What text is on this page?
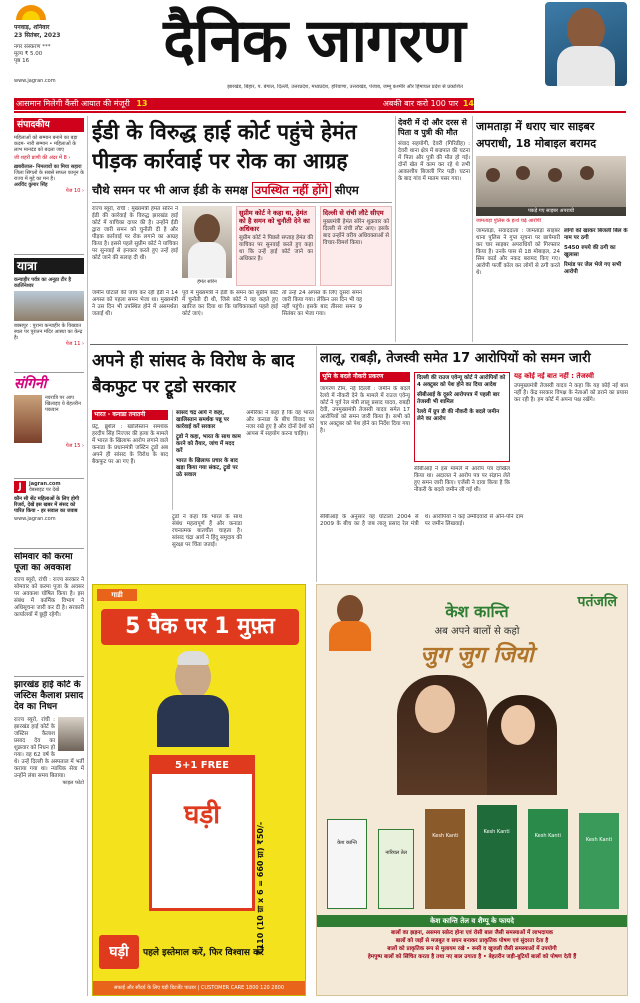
पनवाड़, शनिवार
23 सितंबर, 2023
नगर संस्करण ***
मूल्य ₹ 5.00
पृष्ठ 16
www.jagran.com
दैनिक जागरण
झारखंड, बिहार, प. बंगाल, दिल्ली, उत्तरप्रदेश, मध्यप्रदेश, हरियाणा, उत्तराखंड, पंजाब, जम्मू कश्मीर और हिमाचल प्रदेश से प्रकाशित
आसमान मिलेगी कैंसी आयात की मंजूरी 13	अबकी बार करो 100 पार 14
संपादकीय
महिलाओं को सम्मान बनाने का बड़ा कदम- नारी सम्मान • महिलाओं के लाभ मानदंड को बदला जाए
जी शहरी प्राणी की अंदर में 8 ›
ख़बरीलाल- निमलावों का मिया सहारा
जिला सिंगलो के सबसे सफल कानून के राज्य में मुद्दे का मन है।
अरविंद कुमार सिंह
पेज 10 ›
यात्रा
कन्याहीर पर्वत्र का अनूठा टीर है कालिंनेश्वर
बक्सपुर : पुराना कन्याहीर के विख्यात स्थल पर पुरातन मंदिर आस्था का केन्द्र है।
पेज 11 ›
संगिनी
नवरात्रि पर आप खिलाइए ये बेहतरीन पकवान
पेज 15 ›
J	jagran.com
वेबसाइट पर देखें
कौन सी सेंट महिलाओं के लिए होगी रिजर्व, देखें इस खबर में संसद को पारित किया - हर सवाल का जवाब
www.jagran.com
सोमवार को करमा पूजा का अवकाश
राज्य ब्यूरो, रांची : राज्य सरकार ने सोमवार को करमा पूजा के अवसर पर अवकाश घोषित किया है। इस संबंध में कार्मिक विभाग ने अधिसूचना जारी कर दी है। सरकारी कार्यालयों में छुट्टी रहेगी।
झारखंड हाई कोर्ट के जस्टिस कैलाश प्रसाद देव का निधन
राज्य ब्यूरो, रांची : झारखंड हाई कोर्ट के जस्टिस कैलाश प्रसाद देव का शुक्रवार को निधन हो गया। वह 62 वर्ष के थे। उन्हें दिल्ली के अस्पताल में भर्ती कराया गया था। न्यायिक सेवा में उन्होंने लंबा समय बिताया।
फाइल फोटो
ईडी के विरुद्ध हाई कोर्ट पहुंचे हेमंत पीड़क कार्रवाई पर रोक का आग्रह
चौथे समन पर भी आज ईडी के समक्ष उपस्थित नहीं होंगे सीएम
राज्य ब्यूरो, रांची : मुख्यमंत्री हेमंत सोरेन ने ईडी की कार्रवाई के विरुद्ध झारखंड हाई कोर्ट में याचिका दायर की है। उन्होंने ईडी द्वारा जारी समन को चुनौती दी है और पीड़क कार्रवाई पर रोक लगाने का आग्रह किया है। इससे पहले सुप्रीम कोर्ट ने याचिका पर सुनवाई से इनकार करते हुए उन्हें हाई कोर्ट जाने की सलाह दी थी।
हेमंत सोरेन
सुप्रीम कोर्ट ने कहा था, हेमंत को है समन को चुनौती देने का अधिकार
सुप्रीम कोर्ट ने पिछले सप्ताह हेमंत की याचिका पर सुनवाई करते हुए कहा था कि उन्हें हाई कोर्ट जाने का अधिकार है।
दिल्ली से रांची लौटे सीएम
मुख्यमंत्री हेमंत सोरेन शुक्रवार को दिल्ली से रांची लौट आए। इसके बाद उन्होंने वरीय अधिवक्ताओं से विचार-विमर्श किया।
पूर्व में मुख्यमंत्री ने ईडी के समन को सुप्रीम कोर्ट में चुनौती दी थी, जिसे कोर्ट ने यह कहते हुए खारिज कर दिया था कि याचिकाकर्ता पहले हाई कोर्ट जाएं।
तो उन्हें 24 अगस्त के लिए दूसरा समन जारी किया गया। लेकिन उस दिन भी वह नहीं पहुंचे। इसके बाद तीसरा समन 9 सितंबर का भेजा गया।
जमीन घोटाले की जांच कर रही ईडी ने 14 अगस्त को पहला समन भेजा था। मुख्यमंत्री ने उस दिन भी उपस्थित होने में असमर्थता जताई थी।
देवरी में दो और दरस से पिता व पुत्री की मौत
संवाद सहयोगी, देवरी (गिरिडीह) : देवरी थाना क्षेत्र में बज्रपात की घटना में पिता और पुत्री की मौत हो गई। दोनों खेत में काम कर रहे थे तभी आकाशीय बिजली गिर पड़ी। घटना के बाद गांव में मातम पसर गया।
जामताड़ा में धराए चार साइबर अपराधी, 18 मोबाइल बरामद
पकड़े गए साइबर अपराधी
जामताड़ा पुलिस के हत्थे चढ़े आरोपी
जामताड़ा, संवाददाता : जामताड़ा साइबर थाना पुलिस ने गुप्त सूचना पर छापेमारी कर चार साइबर अपराधियों को गिरफ्तार किया है। उनके पास से 18 मोबाइल, 24 सिम कार्ड और नकद बरामद किए गए। आरोपी फर्जी कॉल कर लोगों से ठगी करते थे।
लोगों को खाकर बिजली बिल के नाम पर ठगी
5450 रुपये की ठगी का खुलासा
रिमांड पर जेल भेजे गए सभी आरोपी
अपने ही सांसद के विरोध के बाद बैकफुट पर ट्रूडो सरकार
भारत - कनाडा तनातनी
प्रेट्र, ब्रुशैल : खालिस्तान समर्थक हरदीप सिंह निज्जर की हत्या के मामले में भारत के खिलाफ आरोप लगाने वाले कनाडा के प्रधानमंत्री जस्टिन ट्रूडो अब अपने ही सांसद के विरोध के बाद बैकफुट पर आ गए हैं।
सांसद चंद्र आर्य ने कहा, खालिस्तान समर्थक पन्नू पर कार्रवाई करें सरकार
ट्रूडो ने कहा, भारत के साथ काम करने को तैयार, जांच में मदद करें
भारत के खिलाफ प्रचार के बाद खड़ा किया गया संकट, ट्रूडो पर उठे सवाल
ट्रूडो ने कहा कि भारत के साथ संबंध महत्वपूर्ण हैं और कनाडा रचनात्मक बातचीत चाहता है। सांसद चंद्रा आर्य ने हिंदू समुदाय की सुरक्षा पर चिंता जताई।
अमेरिका ने कहा है कि वह भारत और कनाडा के बीच विवाद पर नजर रखे हुए है और दोनों देशों को आपस में सहयोग करना चाहिए।
लालू, राबड़ी, तेजस्वी समेत 17 आरोपियों को समन जारी
भूमि के बदले नौकरी प्रकरण
जागरण टीम, नई दिल्ली : जमीन के बदले रेलवे में नौकरी देने के मामले में राउज एवेन्यू कोर्ट ने पूर्व रेल मंत्री लालू प्रसाद यादव, राबड़ी देवी, उपमुख्यमंत्री तेजस्वी यादव समेत 17 आरोपियों को समन जारी किया है। सभी को चार अक्टूबर को पेश होने का निर्देश दिया गया है।
दिल्ली की राउज एवेन्यू कोर्ट ने आरोपियों को 4 अक्टूबर को पेश होने का दिया आदेश
सीबीआई के दूसरे आरोपपत्र में पहली बार तेजस्वी भी शामिल
रेलवे में ग्रुप डी की नौकरी के बदले जमीन लेने का आरोप
सीबीआई ने इस मामले में आरोप पत्र दाखिल किया था। अदालत ने आरोप पत्र पर संज्ञान लेते हुए समन जारी किए। एजेंसी ने दावा किया है कि नौकरी के बदले जमीन ली गई थी।
यह कोई नई बात नहीं : तेजस्वी
उपमुख्यमंत्री तेजस्वी यादव ने कहा कि यह कोई नई बात नहीं है। केंद्र सरकार विपक्ष के नेताओं को डराने का प्रयास कर रही है। हम कोर्ट में अपना पक्ष रखेंगे।
सीबीआई के अनुसार यह घोटाला 2004 से 2009 के बीच का है जब लालू प्रसाद रेल मंत्री थे। आरोपियों ने कई उम्मीदवारों से औने-पौने दाम पर जमीन लिखवाई।
गाडी
5 पैक पर 1 मुफ़्त
5+1 FREE
घड़ी
₹110 (10 ग्रा x 6 = 660 ग्रा) ₹50/-
घड़ी	पहले इस्तेमाल करें, फिर विश्वास करें
सफाई और सौंदर्य के लिए घड़ी डिटर्जेंट पाउडर | CUSTOMER CARE 1800 120 2800
पतंजलि
केश कान्ति
अब अपने बालों से कहो
जुग जुग जियो
केश कान्ति
नारियल तेल
Kesh Kanti
Kesh Kanti
Kesh Kanti
Kesh Kanti
केश कान्ति तेल व शैम्पू के फायदे
बालों का झड़ना, असमय सफ़ेद होना एवं रोसी बाल जैसी समस्याओं में लाभदायक
बालों को जड़ों से मजबूत व सघन बनाकर प्राकृतिक पोषण एवं सुंदरता देता है
बालों को प्राकृतिक रूप से मुलायम रखे • रूसी व खुजली जैसी समस्याओं में उपयोगी
हेमपुष्प बालों को सिंचित करता है तथा नए बाल उगाता है • बेहतरीन जड़ी-बूटियों बालों को पोषण देती हैं
